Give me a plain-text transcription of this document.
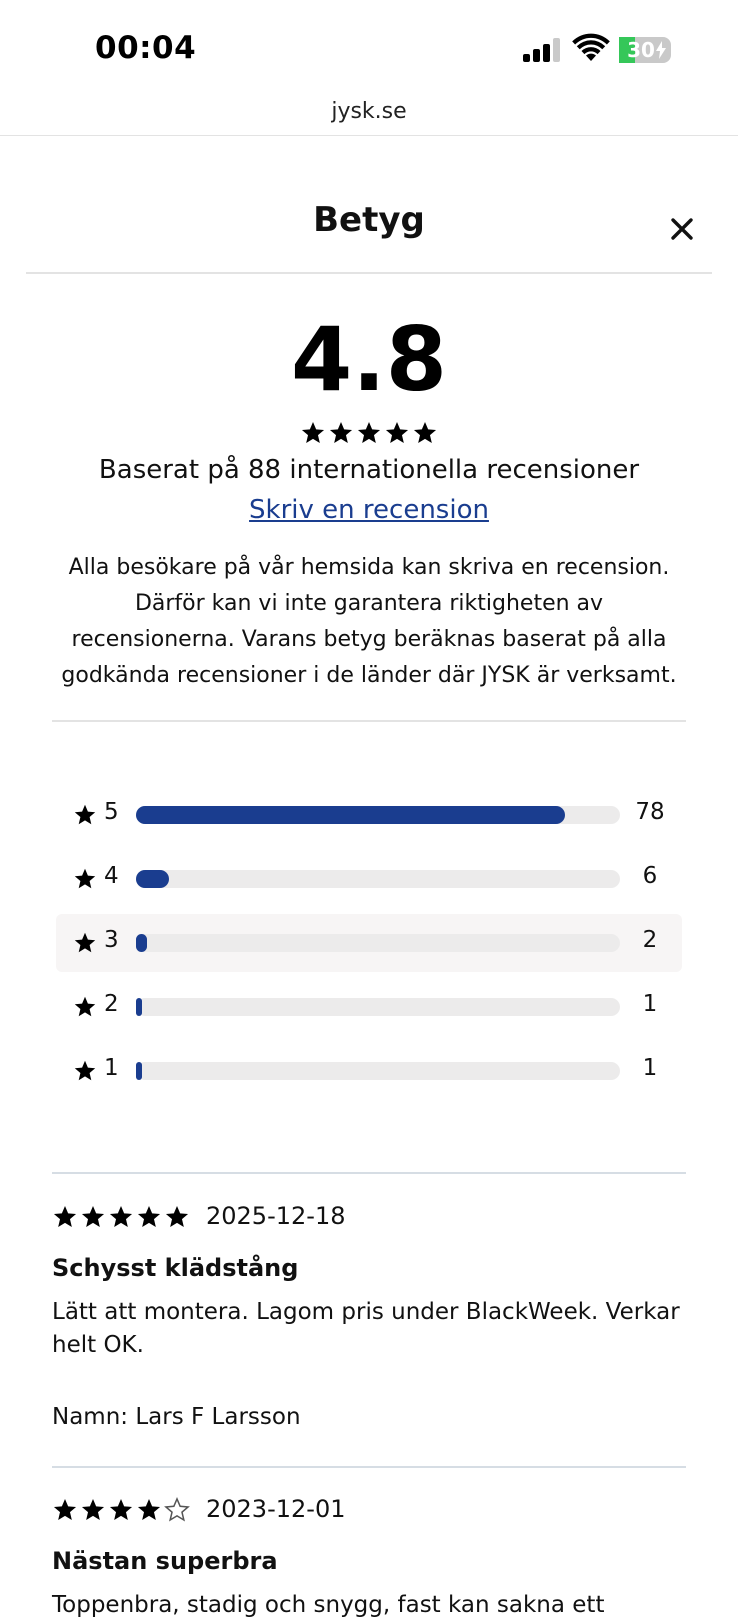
00:04	30
jysk.se
Betyg
4.8
Baserat på 88 internationella recensioner
Skriv en recension
Alla besökare på vår hemsida kan skriva en recension. Därför kan vi inte garantera riktigheten av recensionerna. Varans betyg beräknas baserat på alla godkända recensioner i de länder där JYSK är verksamt.
5	78
4	6
3	2
2	1
1	1
2025-12-18
Schysst klädstång
Lätt att montera. Lagom pris under BlackWeek. Verkar helt OK.
Namn: Lars F Larsson
2023-12-01
Nästan superbra
Toppenbra, stadig och snygg, fast kan sakna ett
